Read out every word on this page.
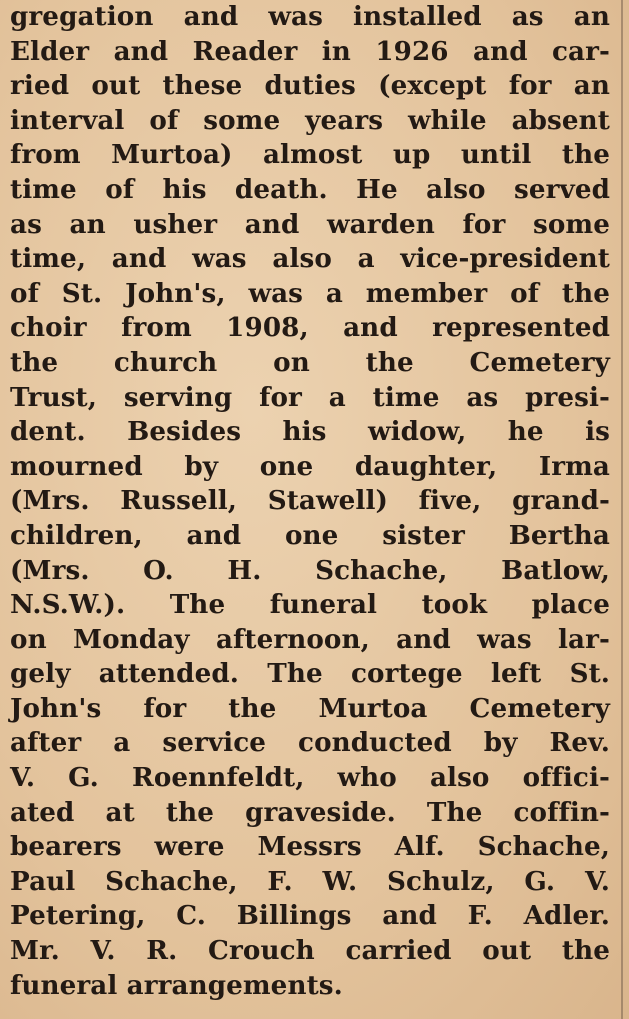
gregation and was installed as an
Elder and Reader in 1926 and car-
ried out these duties (except for an
interval of some years while absent
from Murtoa) almost up until the
time of his death. He also served
as an usher and warden for some
time, and was also a vice-president
of St. John's, was a member of the
choir from 1908, and represented
the church on the Cemetery
Trust, serving for a time as presi-
dent. Besides his widow, he is
mourned by one daughter, Irma
(Mrs. Russell, Stawell) five, grand-
children, and one sister Bertha
(Mrs. O. H. Schache, Batlow,
N.S.W.). The funeral took place
on Monday afternoon, and was lar-
gely attended. The cortege left St.
John's for the Murtoa Cemetery
after a service conducted by Rev.
V. G. Roennfeldt, who also offici-
ated at the graveside. The coffin-
bearers were Messrs Alf. Schache,
Paul Schache, F. W. Schulz, G. V.
Petering, C. Billings and F. Adler.
Mr. V. R. Crouch carried out the
funeral arrangements.
